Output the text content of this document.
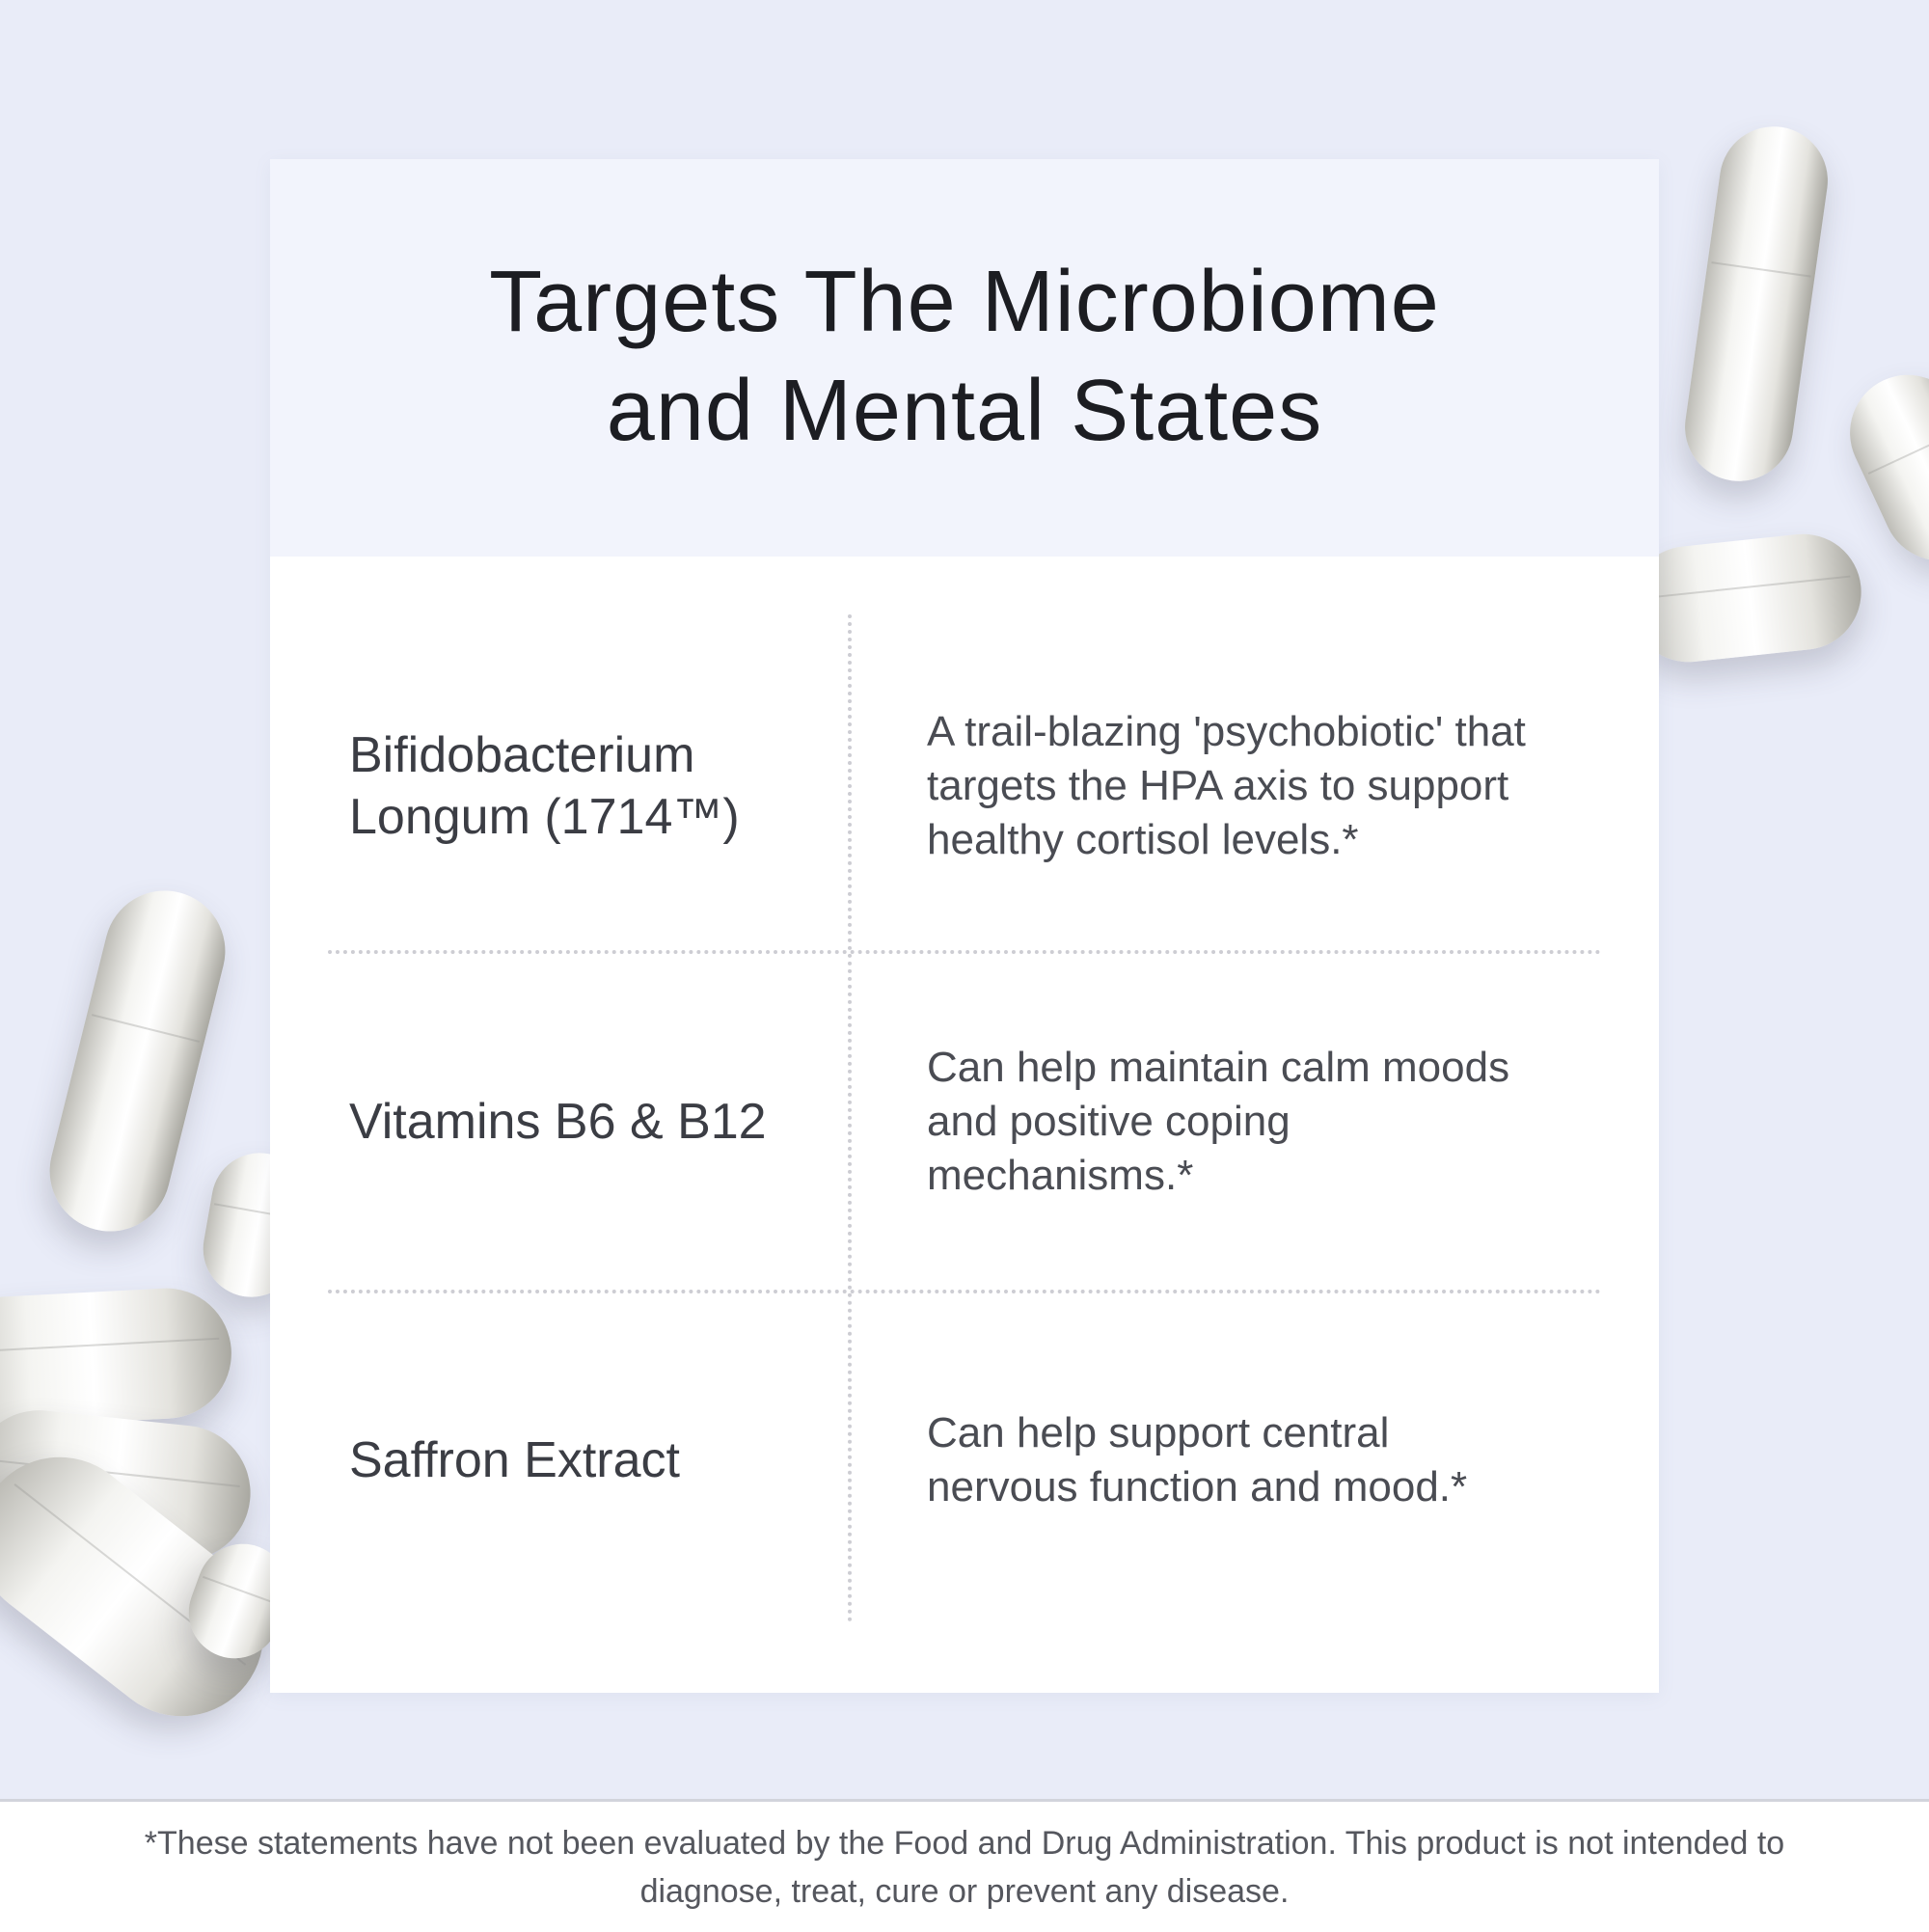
Targets The Microbiome
and Mental States
Bifidobacterium Longum (1714™)
A trail-blazing 'psychobiotic' that targets the HPA axis to support healthy cortisol levels.*
Vitamins B6 & B12
Can help maintain calm moods and positive coping mechanisms.*
Saffron Extract	Can help support central nervous function and mood.*

*These statements have not been evaluated by the Food and Drug Administration. This product is not intended to diagnose, treat, cure or prevent any disease.
